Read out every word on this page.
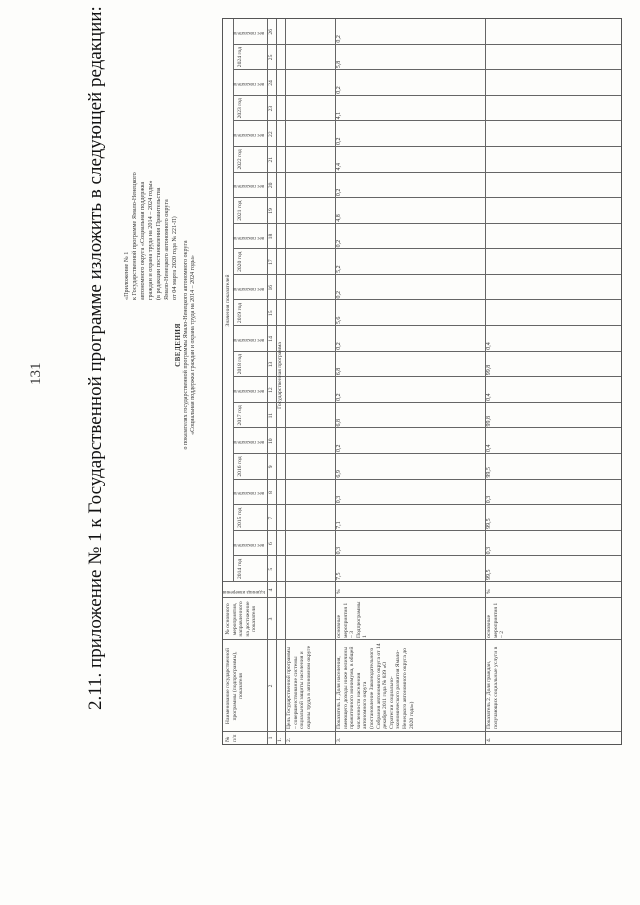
131 2.11. приложение № 1 к Государственной программе изложить в следующей редакции:	«Приложение № 1 к Государственной программе Ямало-Ненецкого автономного округа «Социальная поддержка граждан и охрана труда на 2014 – 2024 годы» (в редакции постановления Правительства Ямало-Ненецкого автономного округа от 04 марта 2020 года № 221-П)
СВЕДЕНИЯ о показателях государственной программы Ямало-Ненецкого автономного округа «Социальная поддержка граждан и охрана труда на 2014 – 2024 годы»
№ п/п
Наименование государственной программы (подпрограммы), показателя
№ основного мероприятия, направленного на достижение показателя
Единица измерения
Значения показателей
2014 год
вес показателя
2015 год
вес показателя
2016 год
вес показателя
2017 год
вес показателя
2018 год
вес показателя
2019 год
вес показателя
2020 год
вес показателя
2021 год
вес показателя
2022 год
вес показателя
2023 год
вес показателя
2024 год
вес показателя
1
2
3
4
5
6
7
8
9
10
11
12
13
14
15
16
17
18
19
20
21
22
23
24
25
26
1.
Государственная программа
2.
Цель Государственной программы – совершенствование системы социальной защиты населения и охраны труда в автономном округе
3.
Показатель 1. Доля населения, имеющего доходы ниже величины прожиточного минимума, в общей численности населения автономного округа (постановление Законодательного Собрания автономного округа от 14 декабря 2011 года № 839 «О Стратегии социально-экономического развития Ямало-Ненецкого автономного округа до 2020 года»)
основные мероприятия 1 – 3 Подпрограммы 1
%
7,5
0,3
7,1
0,3
6,9
0,2
6,8
0,2
6,8
0,2
5,6
0,2
5,2
0,2
4,8
0,2
4,4
0,2
4,1
0,2
5,8
0,2
4.
Показатель 2. Доля граждан, получающих социальные услуги в
основные мероприятия 1 – 2
%
99,5
0,3
99,5
0,3
99,5
0,4
99,8
0,4
99,8
0,4
